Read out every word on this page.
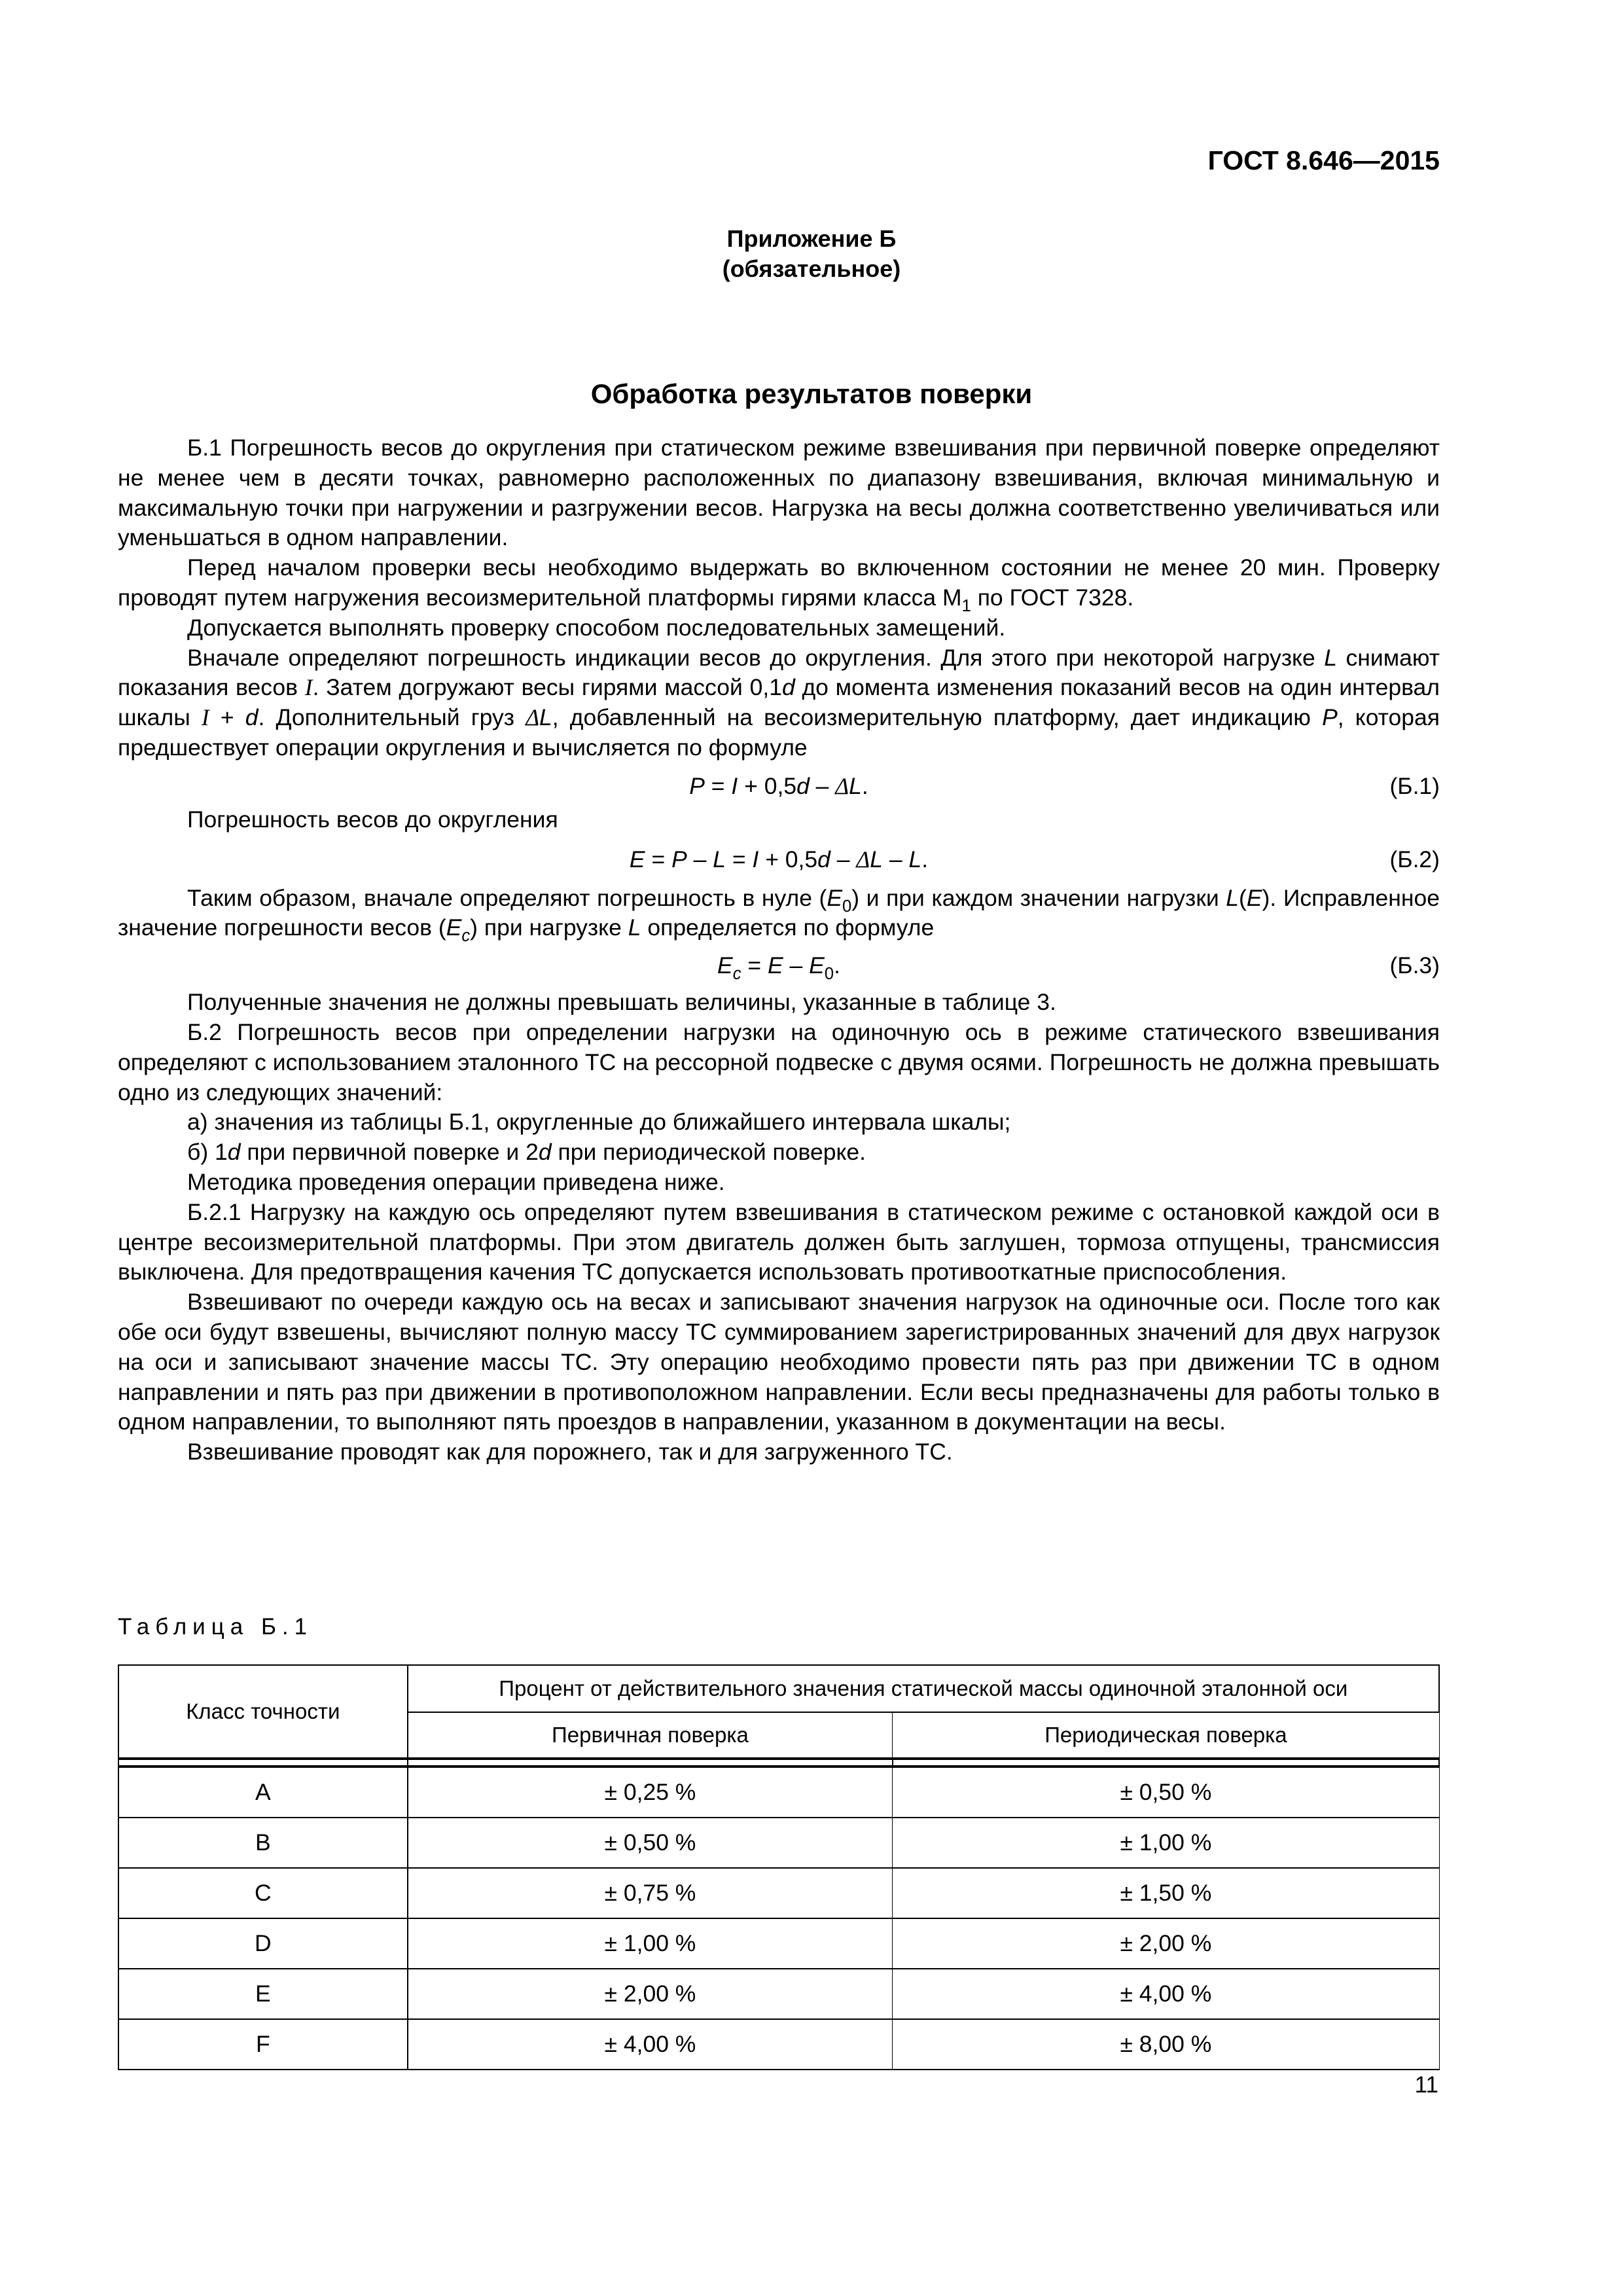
ГОСТ 8.646—2015
Приложение Б
(обязательное)
Обработка результатов поверки

Б.1 Погрешность весов до округления при статическом режиме взвешивания при первичной поверке определяют не менее чем в десяти точках, равномерно расположенных по диапазону взвешивания, включая минимальную и максимальную точки при нагружении и разгружении весов. Нагрузка на весы должна соответственно увеличиваться или уменьшаться в одном направлении.

Перед началом проверки весы необходимо выдержать во включенном состоянии не менее 20 мин. Проверку проводят путем нагружения весоизмерительной платформы гирями класса $М_1$ по ГОСТ 7328.

Допускается выполнять проверку способом последовательных замещений.

Вначале определяют погрешность индикации весов до округления. Для этого при некоторой нагрузке L снимают показания весов I. Затем догружают весы гирями массой 0,1d до момента изменения показаний весов на один интервал шкалы I + d. Дополнительный груз ΔL, добавленный на весоизмерительную платформу, дает индикацию P, которая предшествует операции округления и вычисляется по формуле

P = I + 0,5d – ΔL.	(Б.1)

Погрешность весов до округления

E = P – L = I + 0,5d – ΔL – L.	(Б.2)

Таким образом, вначале определяют погрешность в нуле $(E_0)$ и при каждом значении нагрузки L(E). Исправленное значение погрешности весов $(E_c)$ при нагрузке L определяется по формуле

$E_c = E - E_0$.	(Б.3)

Полученные значения не должны превышать величины, указанные в таблице 3.

Б.2 Погрешность весов при определении нагрузки на одиночную ось в режиме статического взвешивания определяют с использованием эталонного ТС на рессорной подвеске с двумя осями. Погрешность не должна превышать одно из следующих значений:

а) значения из таблицы Б.1, округленные до ближайшего интервала шкалы;

б) 1d при первичной поверке и 2d при периодической поверке.

Методика проведения операции приведена ниже.

Б.2.1 Нагрузку на каждую ось определяют путем взвешивания в статическом режиме с остановкой каждой оси в центре весоизмерительной платформы. При этом двигатель должен быть заглушен, тормоза отпущены, трансмиссия выключена. Для предотвращения качения ТС допускается использовать противооткатные приспособления.

Взвешивают по очереди каждую ось на весах и записывают значения нагрузок на одиночные оси. После того как обе оси будут взвешены, вычисляют полную массу ТС суммированием зарегистрированных значений для двух нагрузок на оси и записывают значение массы ТС. Эту операцию необходимо провести пять раз при движении ТС в одном направлении и пять раз при движении в противоположном направлении. Если весы предназначены для работы только в одном направлении, то выполняют пять проездов в направлении, указанном в документации на весы.

Взвешивание проводят как для порожнего, так и для загруженного ТС.

Таблица Б.1
Класс точности	Процент от действительного значения статической массы одиночной эталонной оси	
	Первичная поверка	Периодическая поверка

A	± 0,25 %	± 0,50 %
B	± 0,50 %	± 1,00 %
C	± 0,75 %	± 1,50 %
D	± 1,00 %	± 2,00 %
E	± 2,00 %	± 4,00 %
F	± 4,00 %	± 8,00 %
11
